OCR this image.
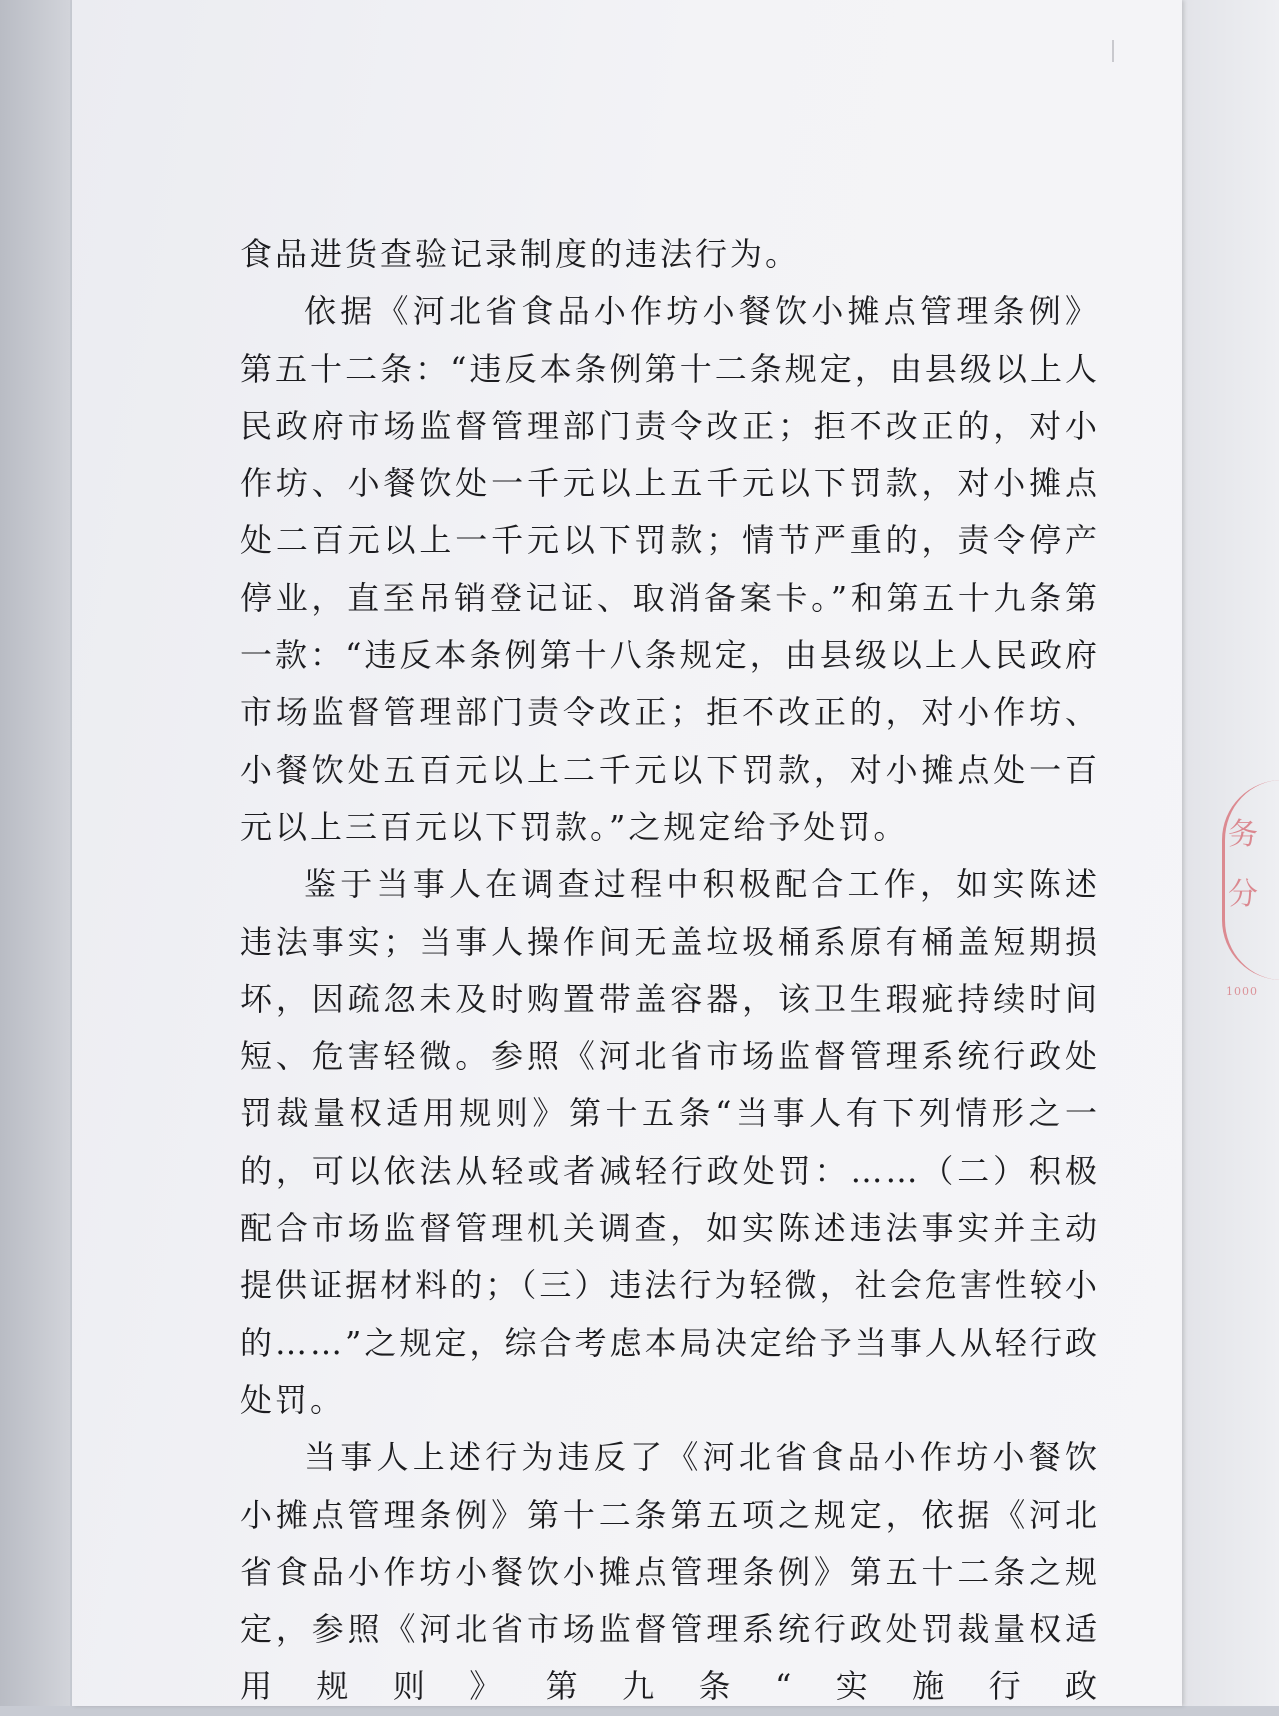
务分
1000

食品进货查验记录制度的违法行为。

依据《河北省食品小作坊小餐饮小摊点管理条例》第五十二条：“违反本条例第十二条规定，由县级以上人民政府市场监督管理部门责令改正；拒不改正的，对小作坊、小餐饮处一千元以上五千元以下罚款，对小摊点处二百元以上一千元以下罚款；情节严重的，责令停产停业，直至吊销登记证、取消备案卡。”和第五十九条第一款：“违反本条例第十八条规定，由县级以上人民政府市场监督管理部门责令改正；拒不改正的，对小作坊、小餐饮处五百元以上二千元以下罚款，对小摊点处一百元以上三百元以下罚款。”之规定给予处罚。

鉴于当事人在调查过程中积极配合工作，如实陈述违法事实；当事人操作间无盖垃圾桶系原有桶盖短期损坏，因疏忽未及时购置带盖容器，该卫生瑕疵持续时间短、危害轻微。参照《河北省市场监督管理系统行政处罚裁量权适用规则》第十五条“当事人有下列情形之一的，可以依法从轻或者减轻行政处罚：……（二）积极配合市场监督管理机关调查，如实陈述违法事实并主动提供证据材料的；（三）违法行为轻微，社会危害性较小的……”之规定，综合考虑本局决定给予当事人从轻行政处罚。

当事人上述行为违反了《河北省食品小作坊小餐饮小摊点管理条例》第十二条第五项之规定，依据《河北省食品小作坊小餐饮小摊点管理条例》第五十二条之规定，参照《河北省市场监督管理系统行政处罚裁量权适用规则》第九条“实施行政
